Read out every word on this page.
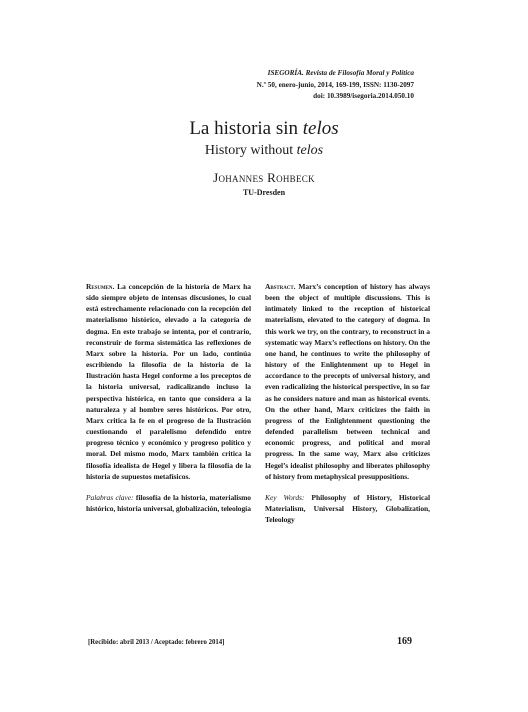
ISEGORÍA. Revista de Filosofía Moral y Política
N.º 50, enero-junio, 2014, 169-199, ISSN: 1130-2097
doi: 10.3989/isegoria.2014.050.10
La historia sin telos
History without telos
Johannes Rohbeck
TU-Dresden

Resumen. La concepción de la historia de Marx ha sido siempre objeto de intensas discusiones, lo cual está estrechamente relacionado con la recepción del materialismo histórico, elevado a la categoría de dogma. En este trabajo se intenta, por el contrario, reconstruir de forma sistemática las reflexiones de Marx sobre la historia. Por un lado, continúa escribiendo la filosofía de la historia de la Ilustración hasta Hegel conforme a los preceptos de la historia universal, radicalizando incluso la perspectiva histórica, en tanto que considera a la naturaleza y al hombre seres históricos. Por otro, Marx critica la fe en el progreso de la Ilustración cuestionando el paralelismo defendido entre progreso técnico y económico y progreso político y moral. Del mismo modo, Marx también critica la filosofía idealista de Hegel y libera la filosofía de la historia de supuestos metafísicos.

Palabras clave: filosofía de la historia, materialismo histórico, historia universal, globalización, teleología

Abstract. Marx’s conception of history has always been the object of multiple discussions. This is intimately linked to the reception of historical materialism, elevated to the category of dogma. In this work we try, on the contrary, to reconstruct in a systematic way Marx’s reflections on history. On the one hand, he continues to write the philosophy of history of the Enlightenment up to Hegel in accordance to the precepts of universal history, and even radicalizing the historical perspective, in so far as he considers nature and man as historical events. On the other hand, Marx criticizes the faith in progress of the Enlightenment questioning the defended parallelism between technical and economic progress, and political and moral progress. In the same way, Marx also criticizes Hegel’s idealist philosophy and liberates philosophy of history from metaphysical presuppositions.

Key Words: Philosophy of History, Historical Materialism, Universal History, Globalization, Teleology

[Recibido: abril 2013 / Aceptado: febrero 2014]	169
